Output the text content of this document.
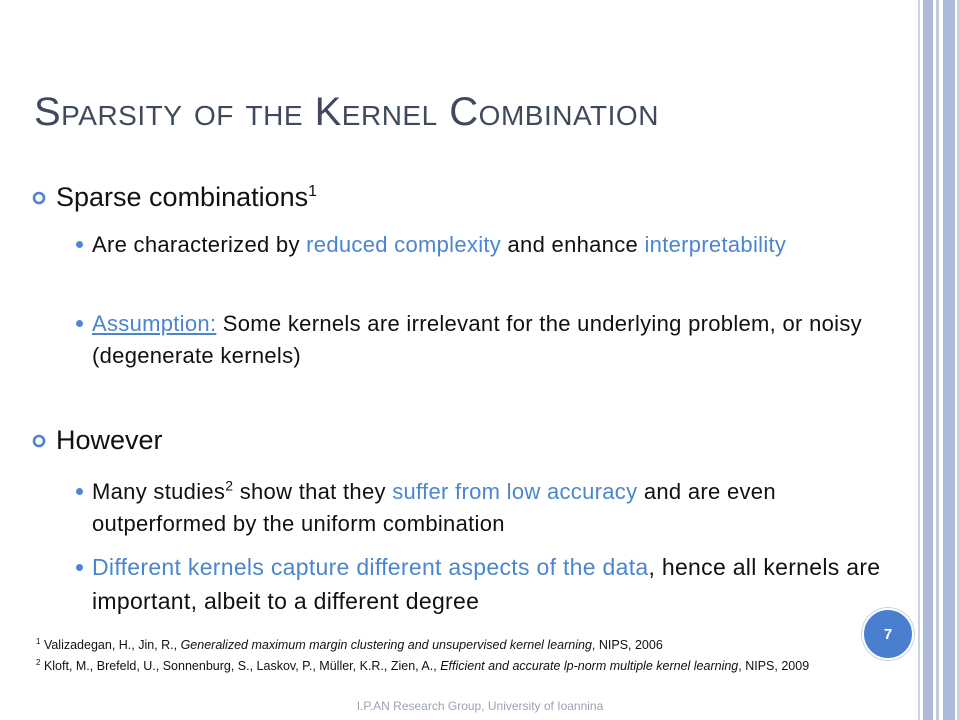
Sparsity of the Kernel Combination
Sparse combinations$^1$
Are characterized by reduced complexity and enhance interpretability
Assumption: Some kernels are irrelevant for the underlying problem, or noisy (degenerate kernels)
However
Many studies$^2$ show that they suffer from low accuracy and are even outperformed by the uniform combination
Different kernels capture different aspects of the data, hence all kernels are important, albeit to a different degree
$^1$ Valizadegan, H., Jin, R., Generalized maximum margin clustering and unsupervised kernel learning, NIPS, 2006
$^2$ Kloft, M., Brefeld, U., Sonnenburg, S., Laskov, P., Müller, K.R., Zien, A., Efficient and accurate lp-norm multiple kernel learning, NIPS, 2009
7
I.P.AN Research Group, University of Ioannina
